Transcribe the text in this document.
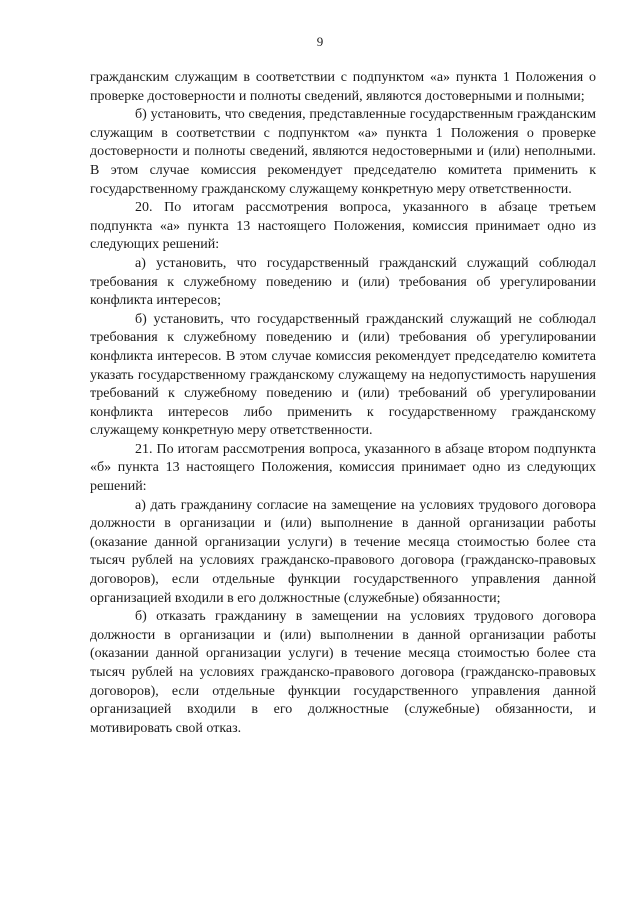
9

гражданским служащим в соответствии с подпунктом «а» пункта 1 Положения о проверке достоверности и полноты сведений, являются достоверными и полными;

б) установить, что сведения, представленные государственным гражданским служащим в соответствии с подпунктом «а» пункта 1 Положения о проверке достоверности и полноты сведений, являются недостоверными и (или) неполными. В этом случае комиссия рекомендует председателю комитета применить к государственному гражданскому служащему конкретную меру ответственности.

20. По итогам рассмотрения вопроса, указанного в абзаце третьем подпункта «а» пункта 13 настоящего Положения, комиссия принимает одно из следующих решений:

а) установить, что государственный гражданский служащий соблюдал требования к служебному поведению и (или) требования об урегулировании конфликта интересов;

б) установить, что государственный гражданский служащий не соблюдал требования к служебному поведению и (или) требования об урегулировании конфликта интересов. В этом случае комиссия рекомендует председателю комитета указать государственному гражданскому служащему на недопустимость нарушения требований к служебному поведению и (или) требований об урегулировании конфликта интересов либо применить к государственному гражданскому служащему конкретную меру ответственности.

21. По итогам рассмотрения вопроса, указанного в абзаце втором подпункта «б» пункта 13 настоящего Положения, комиссия принимает одно из следующих решений:

а) дать гражданину согласие на замещение на условиях трудового договора должности в организации и (или) выполнение в данной организации работы (оказание данной организации услуги) в течение месяца стоимостью более ста тысяч рублей на условиях гражданско-правового договора (гражданско-правовых договоров), если отдельные функции государственного управления данной организацией входили в его должностные (служебные) обязанности;

б) отказать гражданину в замещении на условиях трудового договора должности в организации и (или) выполнении в данной организации работы (оказании данной организации услуги) в течение месяца стоимостью более ста тысяч рублей на условиях гражданско-правового договора (гражданско-правовых договоров), если отдельные функции государственного управления данной организацией входили в его должностные (служебные) обязанности, и мотивировать свой отказ.
